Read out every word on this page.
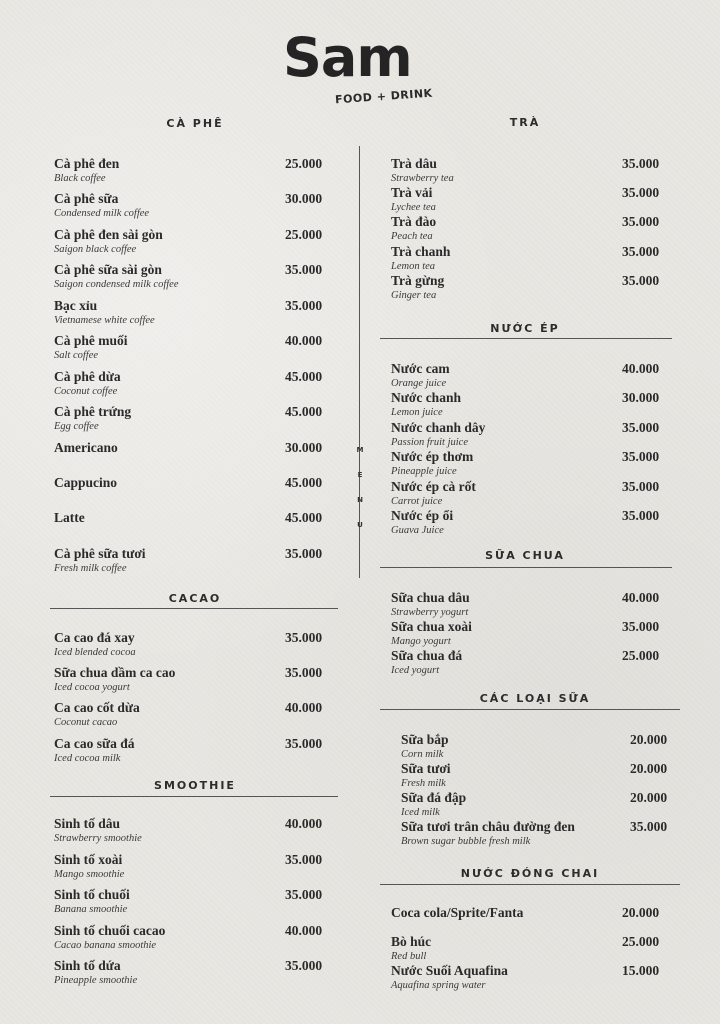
Sam
FOOD + DRINK
M
E
N
U
CÀ PHÊ	TRÀ
CACAO
SMOOTHIE
NƯỚC ÉP
SỮA CHUA
CÁC LOẠI SỮA
NƯỚC ĐÓNG CHAI
Cà phê đen	25.000
Black coffee
Cà phê sữa	30.000
Condensed milk coffee
Cà phê đen sài gòn	25.000
Saigon black coffee
Cà phê sữa sài gòn	35.000
Saigon condensed milk coffee
Bạc xỉu	35.000
Vietnamese white coffee
Cà phê muối	40.000
Salt coffee
Cà phê dừa	45.000
Coconut coffee
Cà phê trứng	45.000
Egg coffee
Americano	30.000
Cappucino	45.000
Latte	45.000
Cà phê sữa tươi	35.000
Fresh milk coffee
Ca cao đá xay	35.000
Iced blended cocoa
Sữa chua dầm ca cao	35.000
Iced cocoa yogurt
Ca cao cốt dừa	40.000
Coconut cacao
Ca cao sữa đá	35.000
Iced cocoa milk
Sinh tố dâu	40.000
Strawberry smoothie
Sinh tố xoài	35.000
Mango smoothie
Sinh tố chuối	35.000
Banana smoothie
Sinh tố chuối cacao	40.000
Cacao banana smoothie
Sinh tố dứa	35.000
Pineapple smoothie
Trà dâu	35.000
Strawberry tea
Trà vải	35.000
Lychee tea
Trà đào	35.000
Peach tea
Trà chanh	35.000
Lemon tea
Trà gừng	35.000
Ginger tea
Nước cam	40.000
Orange juice
Nước chanh	30.000
Lemon juice
Nước chanh dây	35.000
Passion fruit juice
Nước ép thơm	35.000
Pineapple juice
Nước ép cà rốt	35.000
Carrot juice
Nước ép ổi	35.000
Guava Juice
Sữa chua dâu	40.000
Strawberry yogurt
Sữa chua xoài	35.000
Mango yogurt
Sữa chua đá	25.000
Iced yogurt
Sữa bắp	20.000
Corn milk
Sữa tươi	20.000
Fresh milk
Sữa đá đập	20.000
Iced milk
Sữa tươi trân châu đường đen	35.000
Brown sugar bubble fresh milk
Coca cola/Sprite/Fanta	20.000
Bò húc	25.000
Red bull
Nước Suối Aquafina	15.000
Aquafina spring water
